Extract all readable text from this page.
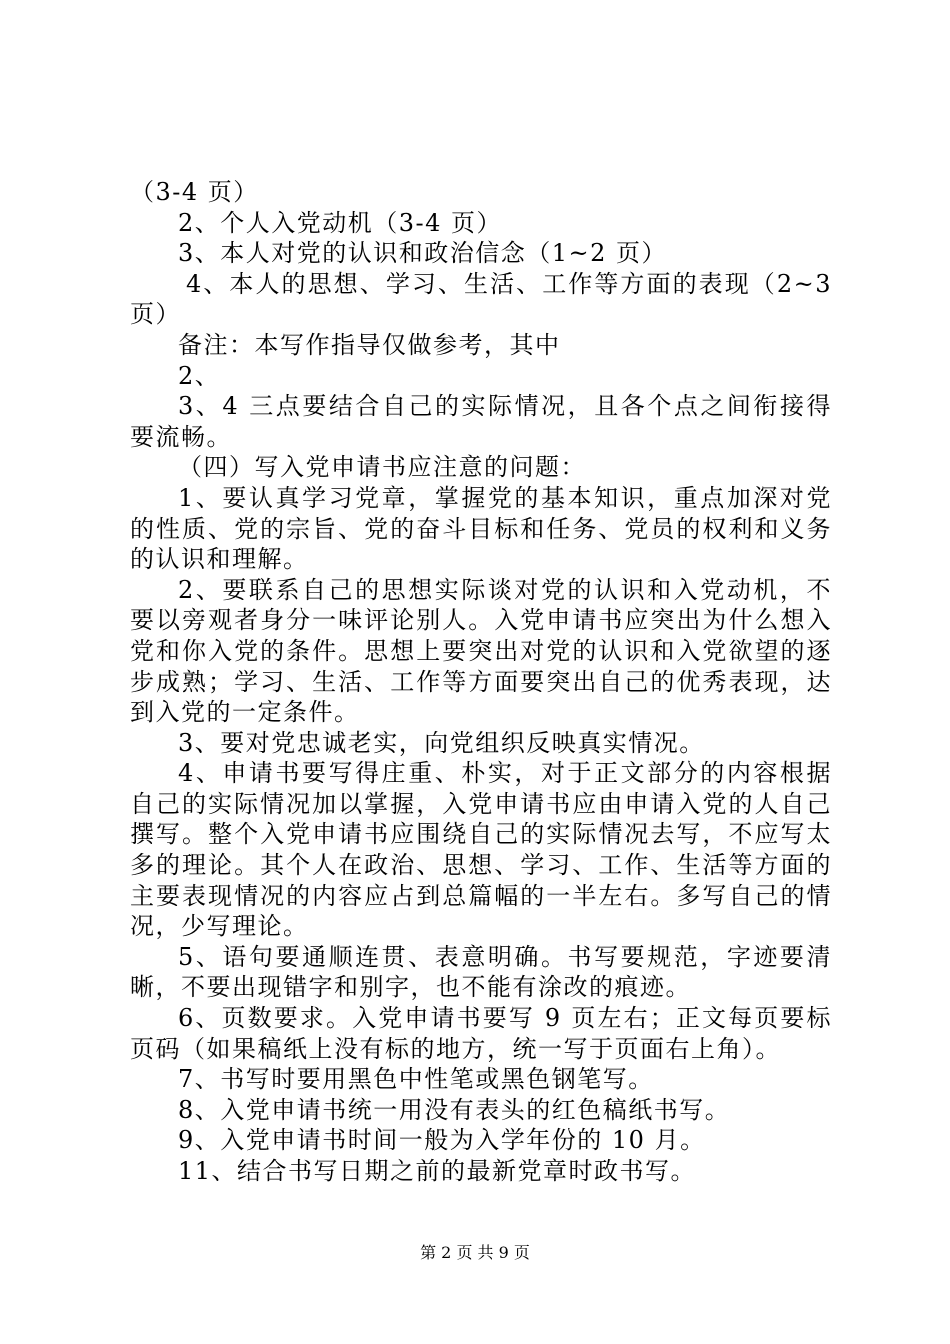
（3-4 页）

2、个人入党动机（3-4 页）

3、本人对党的认识和政治信念（1~2 页）

4、本人的思想、学习、生活、工作等方面的表现（2~3页）

备注：本写作指导仅做参考，其中

2、

3、4 三点要结合自己的实际情况，且各个点之间衔接得要流畅。

（四）写入党申请书应注意的问题：

1、要认真学习党章，掌握党的基本知识，重点加深对党的性质、党的宗旨、党的奋斗目标和任务、党员的权利和义务的认识和理解。

2、要联系自己的思想实际谈对党的认识和入党动机，不要以旁观者身分一味评论别人。入党申请书应突出为什么想入党和你入党的条件。思想上要突出对党的认识和入党欲望的逐步成熟；学习、生活、工作等方面要突出自己的优秀表现，达到入党的一定条件。

3、要对党忠诚老实，向党组织反映真实情况。

4、申请书要写得庄重、朴实，对于正文部分的内容根据自己的实际情况加以掌握，入党申请书应由申请入党的人自己撰写。整个入党申请书应围绕自己的实际情况去写，不应写太多的理论。其个人在政治、思想、学习、工作、生活等方面的主要表现情况的内容应占到总篇幅的一半左右。多写自己的情况，少写理论。

5、语句要通顺连贯、表意明确。书写要规范，字迹要清晰，不要出现错字和别字，也不能有涂改的痕迹。

6、页数要求。入党申请书要写 9 页左右；正文每页要标页码（如果稿纸上没有标的地方，统一写于页面右上角）。

7、书写时要用黑色中性笔或黑色钢笔写。

8、入党申请书统一用没有表头的红色稿纸书写。

9、入党申请书时间一般为入学年份的 10 月。

11、结合书写日期之前的最新党章时政书写。

第 2 页 共 9 页
